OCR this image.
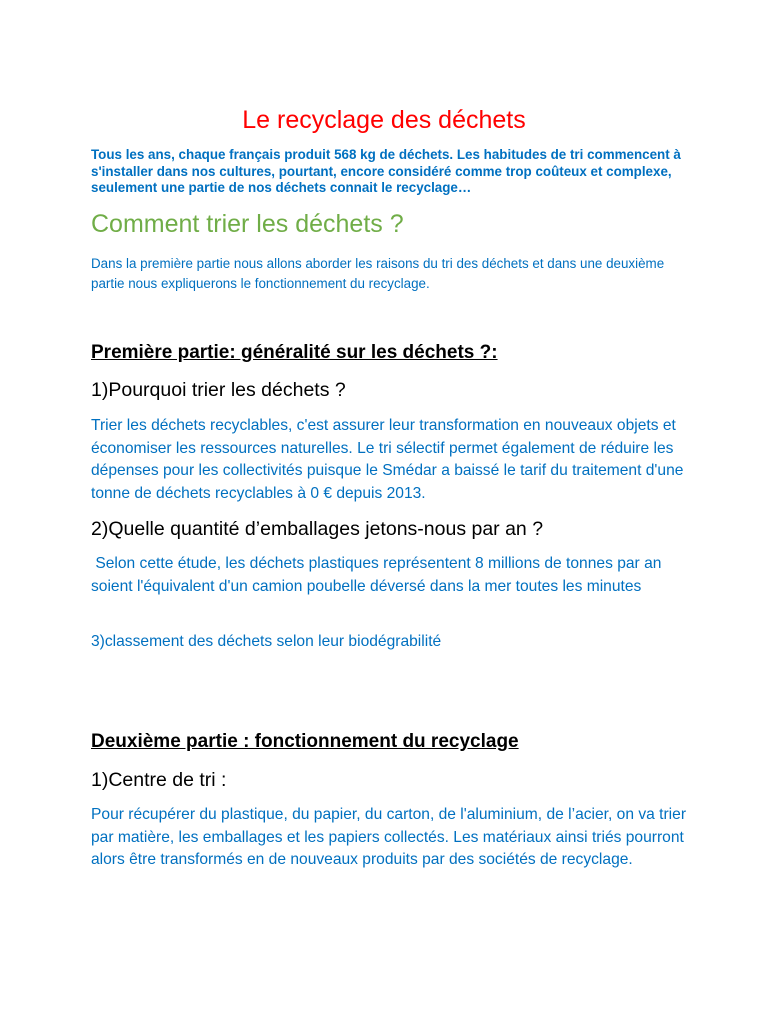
Le recyclage des déchets
Tous les ans, chaque français produit 568 kg de déchets. Les habitudes de tri commencent à s'installer dans nos cultures, pourtant, encore considéré comme trop coûteux et complexe, seulement une partie de nos déchets connait le recyclage…
Comment trier les déchets ?
Dans la première partie nous allons aborder les raisons du tri des déchets et dans une deuxième partie nous expliquerons le fonctionnement du recyclage.
Première partie: généralité sur les déchets ?:
1)Pourquoi trier les déchets ?
Trier les déchets recyclables, c'est assurer leur transformation en nouveaux objets et économiser les ressources naturelles. Le tri sélectif permet également de réduire les dépenses pour les collectivités puisque le Smédar a baissé le tarif du traitement d'une tonne de déchets recyclables à 0 € depuis 2013.
2)Quelle quantité d’emballages jetons-nous par an ?
Selon cette étude, les déchets plastiques représentent 8 millions de tonnes par an soient l'équivalent d'un camion poubelle déversé dans la mer toutes les minutes
3)classement des déchets selon leur biodégrabilité
Deuxième partie : fonctionnement du recyclage
1)Centre de tri :
Pour récupérer du plastique, du papier, du carton, de l'aluminium, de l’acier, on va trier par matière, les emballages et les papiers collectés. Les matériaux ainsi triés pourront alors être transformés en de nouveaux produits par des sociétés de recyclage.
